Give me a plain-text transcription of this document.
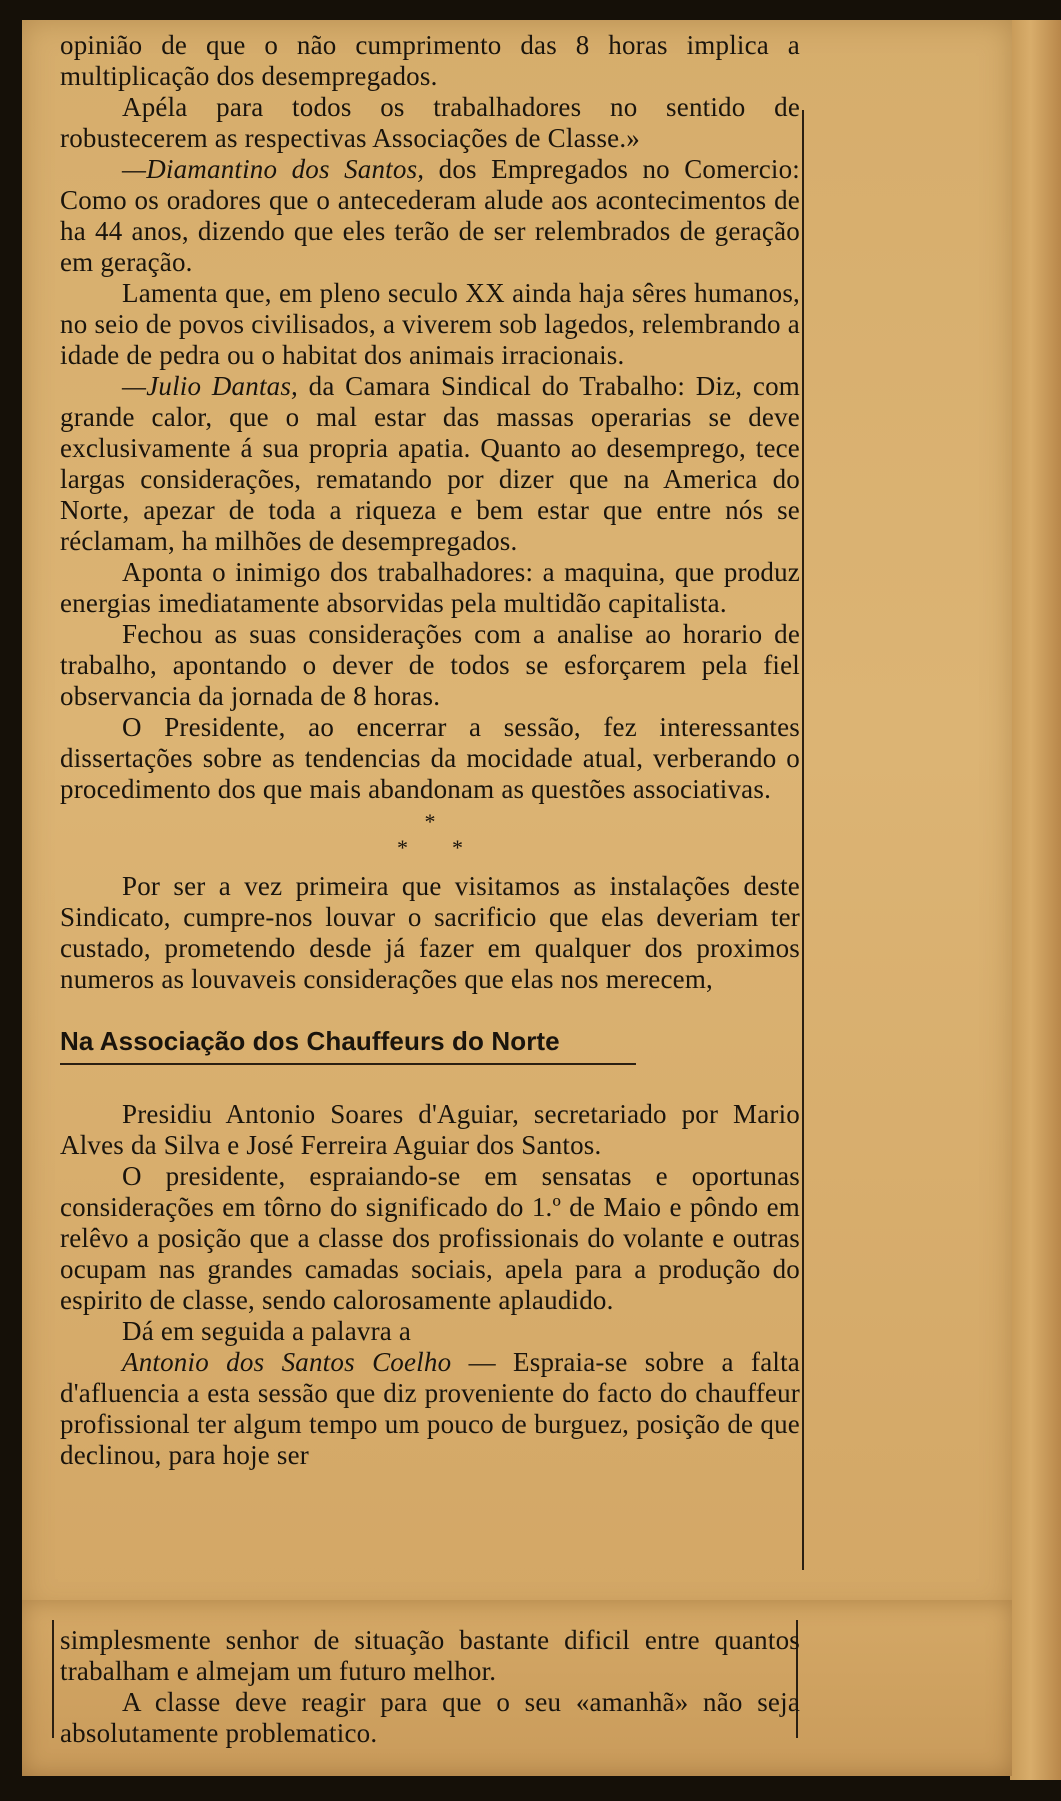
opinião de que o não cumprimento das 8 horas implica a multiplicação dos desempregados.

Apéla para todos os trabalhadores no sentido de robustecerem as respectivas Associações de Classe.»

—Diamantino dos Santos, dos Empregados no Comercio: Como os oradores que o antecederam alude aos acontecimentos de ha 44 anos, dizendo que eles terão de ser relembrados de geração em geração.

Lamenta que, em pleno seculo XX ainda haja sêres humanos, no seio de povos civilisados, a viverem sob lagedos, relembrando a idade de pedra ou o habitat dos animais irracionais.

—Julio Dantas, da Camara Sindical do Trabalho: Diz, com grande calor, que o mal estar das massas operarias se deve exclusivamente á sua propria apatia. Quanto ao desemprego, tece largas considerações, rematando por dizer que na America do Norte, apezar de toda a riqueza e bem estar que entre nós se réclamam, ha milhões de desempregados.

Aponta o inimigo dos trabalhadores: a maquina, que produz energias imediatamente absorvidas pela multidão capitalista.

Fechou as suas considerações com a analise ao horario de trabalho, apontando o dever de todos se esforçarem pela fiel observancia da jornada de 8 horas.

O Presidente, ao encerrar a sessão, fez interessantes dissertações sobre as tendencias da mocidade atual, verberando o procedimento dos que mais abandonam as questões associativas.

*
* *

Por ser a vez primeira que visitamos as instalações deste Sindicato, cumpre-nos louvar o sacrificio que elas deveriam ter custado, prometendo desde já fazer em qualquer dos proximos numeros as louvaveis considerações que elas nos merecem,

Na Associação dos Chauffeurs do Norte

Presidiu Antonio Soares d'Aguiar, secretariado por Mario Alves da Silva e José Ferreira Aguiar dos Santos.

O presidente, espraiando-se em sensatas e oportunas considerações em tôrno do significado do 1.º de Maio e pôndo em relêvo a posição que a classe dos profissionais do volante e outras ocupam nas grandes camadas sociais, apela para a produção do espirito de classe, sendo calorosamente aplaudido.

Dá em seguida a palavra a

Antonio dos Santos Coelho — Espraia-se sobre a falta d'afluencia a esta sessão que diz proveniente do facto do chauffeur profissional ter algum tempo um pouco de burguez, posição de que declinou, para hoje ser

simplesmente senhor de situação bastante dificil entre quantos trabalham e almejam um futuro melhor.

A classe deve reagir para que o seu «amanhã» não seja absolutamente problematico.
